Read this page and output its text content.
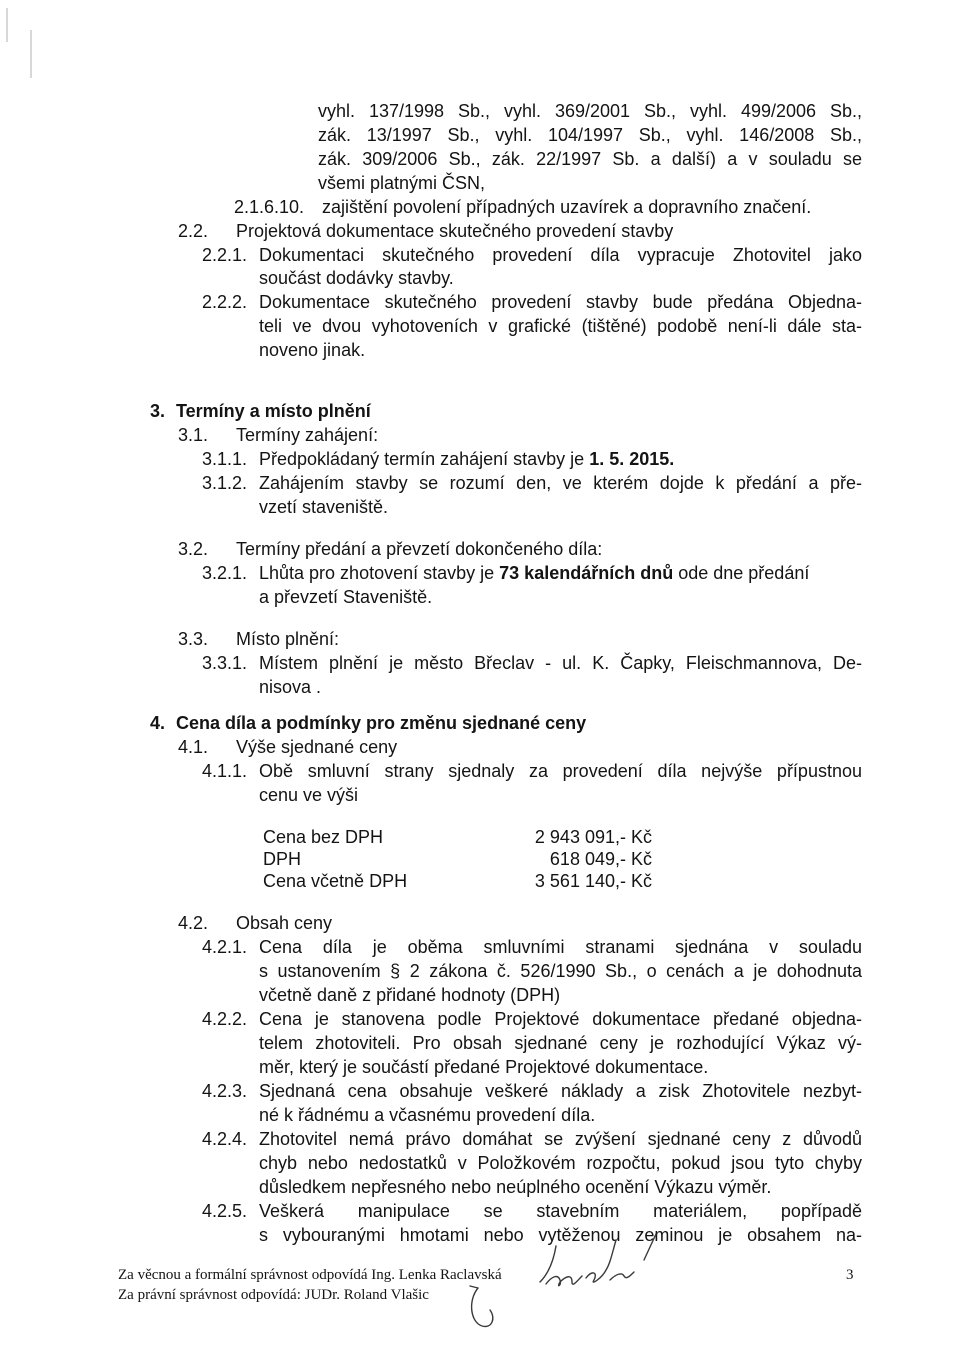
vyhl. 137/1998 Sb., vyhl. 369/2001 Sb., vyhl. 499/2006 Sb.,
zák. 13/1997 Sb., vyhl. 104/1997 Sb., vyhl. 146/2008 Sb.,
zák. 309/2006 Sb., zák. 22/1997 Sb. a další) a v souladu se
všemi platnými ČSN,
2.1.6.10. zajištění povolení případných uzavírek a dopravního značení.
2.2. Projektová dokumentace skutečného provedení stavby
2.2.1. Dokumentaci skutečného provedení díla vypracuje Zhotovitel jako
součást dodávky stavby.
2.2.2. Dokumentace skutečného provedení stavby bude předána Objedna-
teli ve dvou vyhotoveních v grafické (tištěné) podobě není-li dále sta-
noveno jinak.
3. Termíny a místo plnění
3.1. Termíny zahájení:
3.1.1. Předpokládaný termín zahájení stavby je 1. 5. 2015.
3.1.2. Zahájením stavby se rozumí den, ve kterém dojde k předání a pře-
vzetí staveniště.
3.2. Termíny předání a převzetí dokončeného díla:
3.2.1. Lhůta pro zhotovení stavby je 73 kalendářních dnů ode dne předání
a převzetí Staveniště.
3.3. Místo plnění:
3.3.1. Místem plnění je město Břeclav - ul. K. Čapky, Fleischmannova, De-
nisova .
4. Cena díla a podmínky pro změnu sjednané ceny
4.1. Výše sjednané ceny
4.1.1. Obě smluvní strany sjednaly za provedení díla nejvýše přípustnou
cenu ve výši
Cena bez DPH	2 943 091,- Kč
DPH	618 049,- Kč
Cena včetně DPH	3 561 140,- Kč
4.2. Obsah ceny
4.2.1. Cena díla je oběma smluvními stranami sjednána v souladu
s ustanovením § 2 zákona č. 526/1990 Sb., o cenách a je dohodnuta
včetně daně z přidané hodnoty (DPH)
4.2.2. Cena je stanovena podle Projektové dokumentace předané objedna-
telem zhotoviteli. Pro obsah sjednané ceny je rozhodující Výkaz vý-
měr, který je součástí předané Projektové dokumentace.
4.2.3. Sjednaná cena obsahuje veškeré náklady a zisk Zhotovitele nezbyt-
né k řádnému a včasnému provedení díla.
4.2.4. Zhotovitel nemá právo domáhat se zvýšení sjednané ceny z důvodů
chyb nebo nedostatků v Položkovém rozpočtu, pokud jsou tyto chyby
důsledkem nepřesného nebo neúplného ocenění Výkazu výměr.
4.2.5. Veškerá manipulace se stavebním materiálem, popřípadě
s vybouranými hmotami nebo vytěženou zeminou je obsahem na-
Za věcnou a formální správnost odpovídá Ing. Lenka Raclavská
Za právní správnost odpovídá: JUDr. Roland Vlašic
3
